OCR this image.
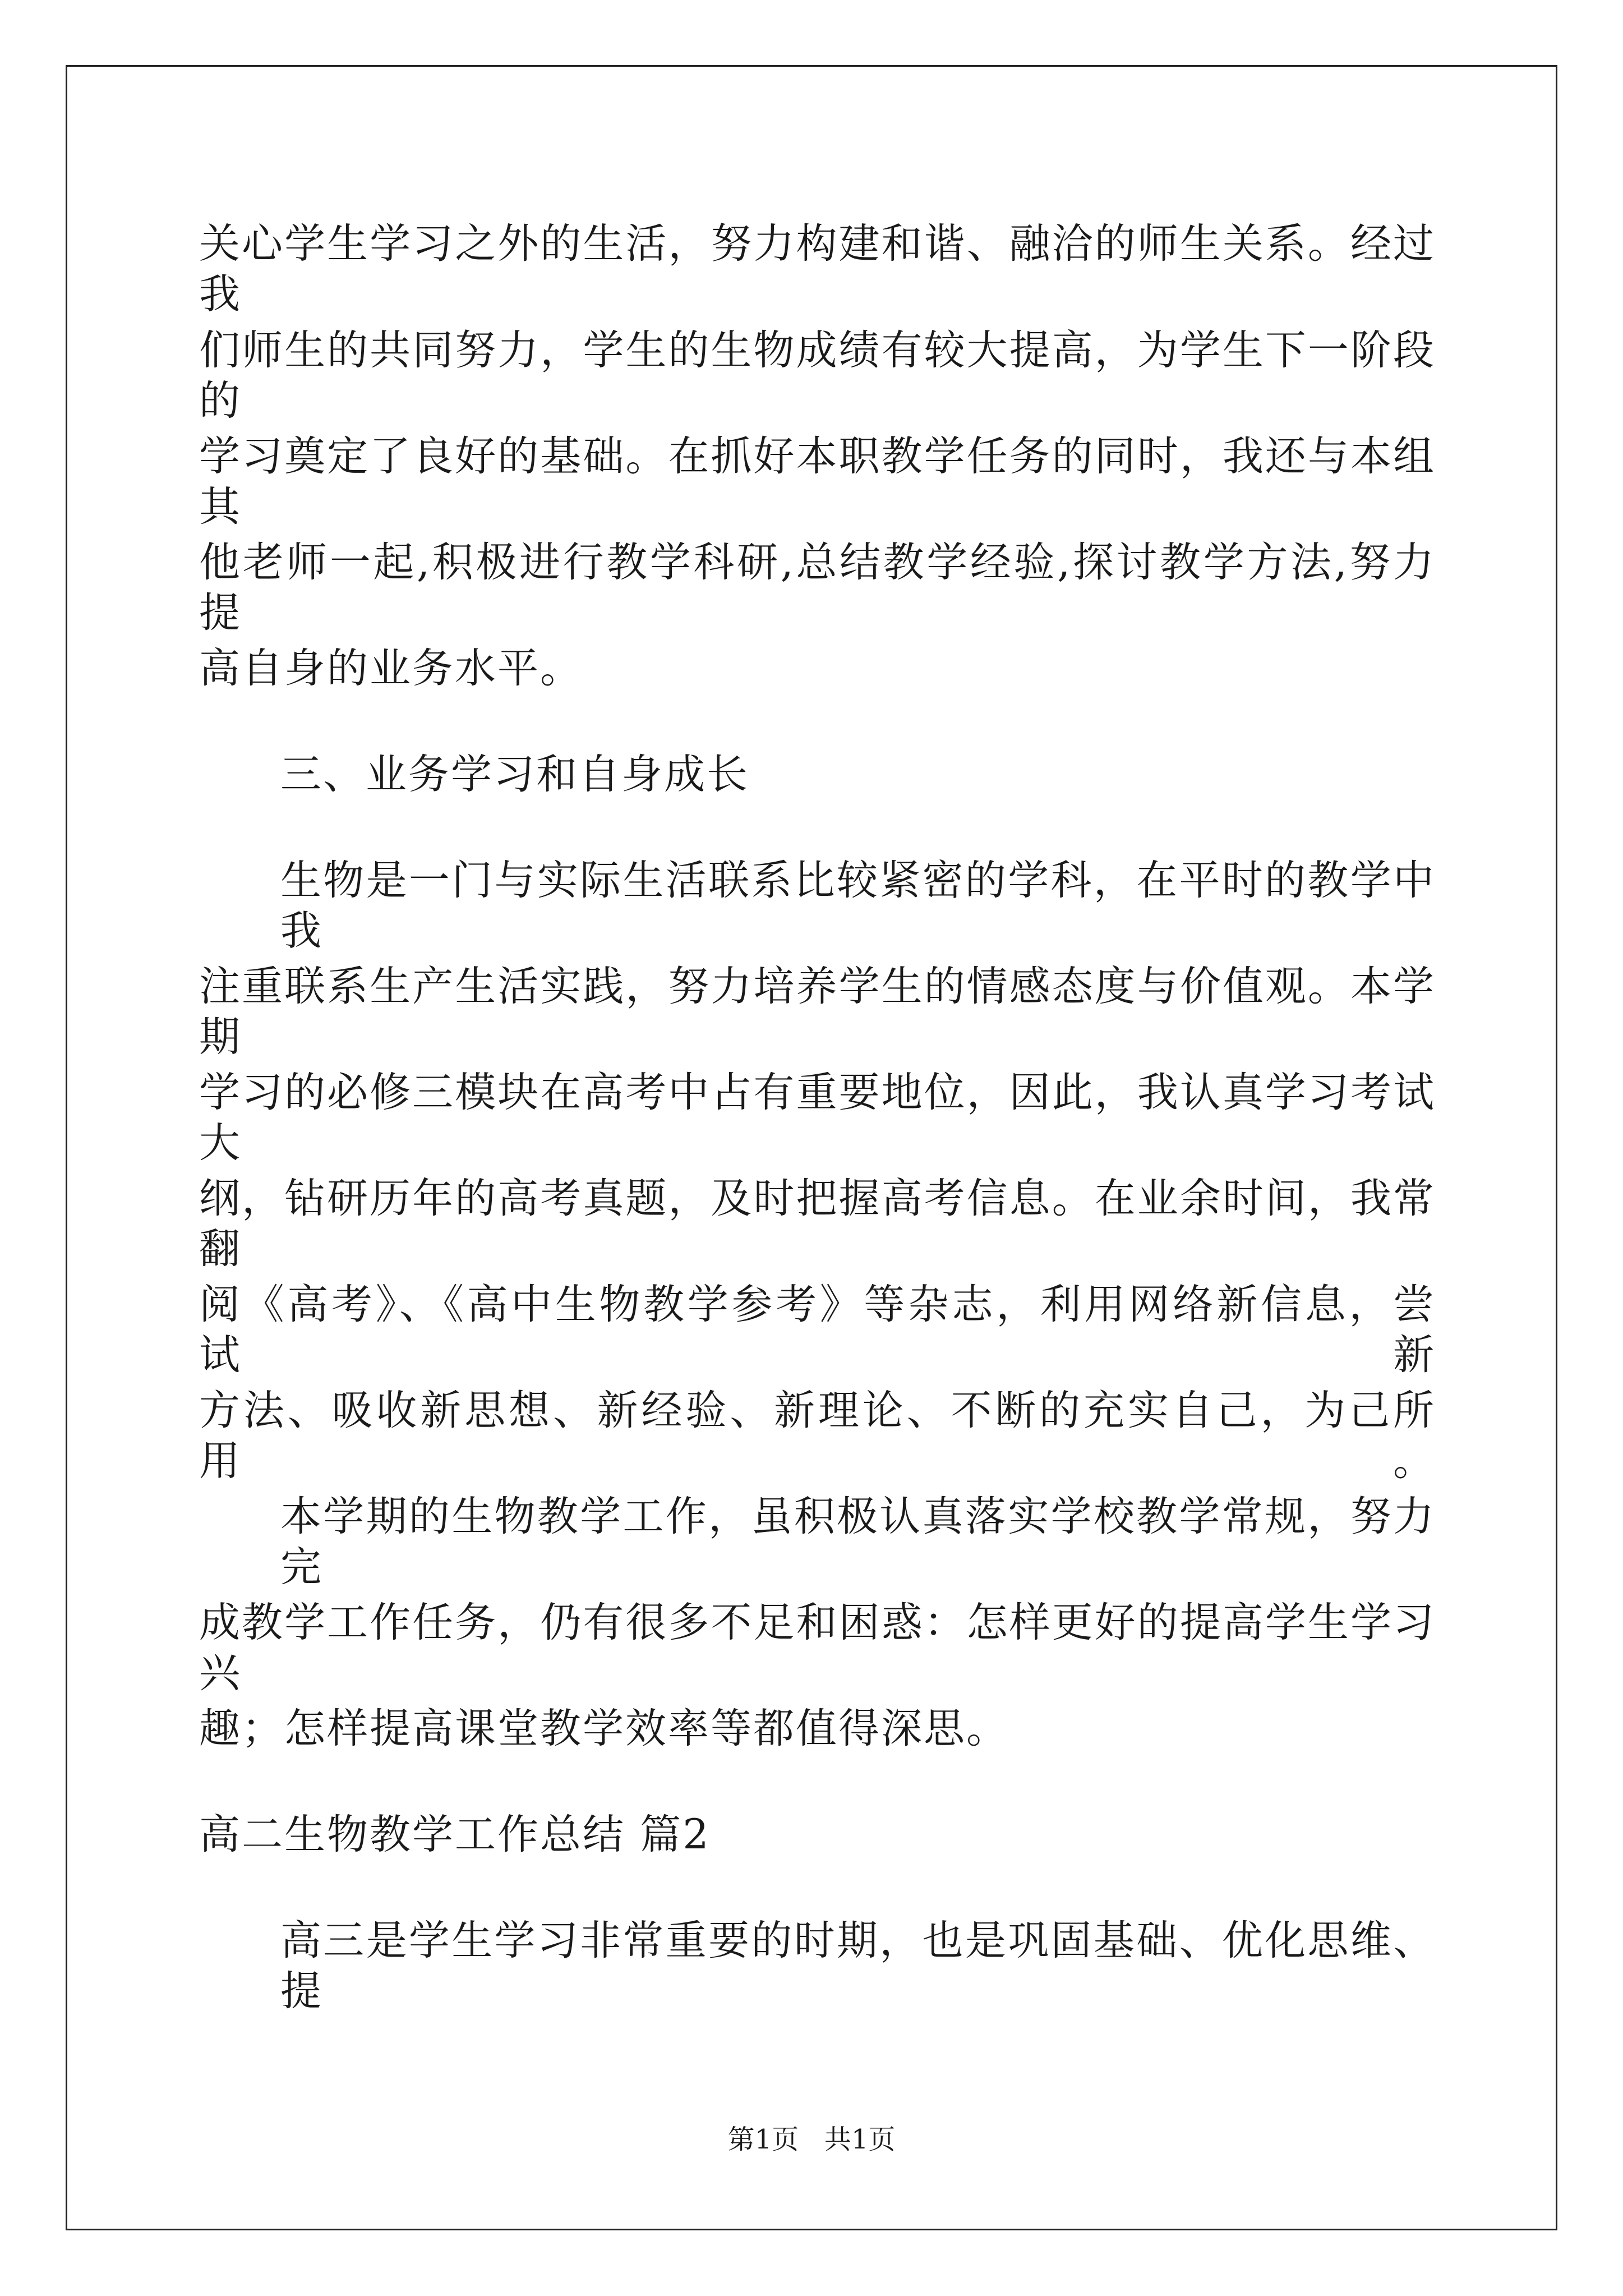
关心学生学习之外的生活，努力构建和谐、融洽的师生关系。经过我
们师生的共同努力，学生的生物成绩有较大提高，为学生下一阶段的
学习奠定了良好的基础。在抓好本职教学任务的同时，我还与本组其
他老师一起,积极进行教学科研,总结教学经验,探讨教学方法,努力提
高自身的业务水平。
三、业务学习和自身成长
生物是一门与实际生活联系比较紧密的学科，在平时的教学中我
注重联系生产生活实践，努力培养学生的情感态度与价值观。本学期
学习的必修三模块在高考中占有重要地位，因此，我认真学习考试大
纲，钻研历年的高考真题，及时把握高考信息。在业余时间，我常翻
阅《高考》、《高中生物教学参考》等杂志，利用网络新信息，尝试新
方法、吸收新思想、新经验、新理论、不断的充实自己，为己所用。
本学期的生物教学工作，虽积极认真落实学校教学常规，努力完
成教学工作任务，仍有很多不足和困惑：怎样更好的提高学生学习兴
趣；怎样提高课堂教学效率等都值得深思。
高二生物教学工作总结 篇2
高三是学生学习非常重要的时期，也是巩固基础、优化思维、提
第1页   共1页
